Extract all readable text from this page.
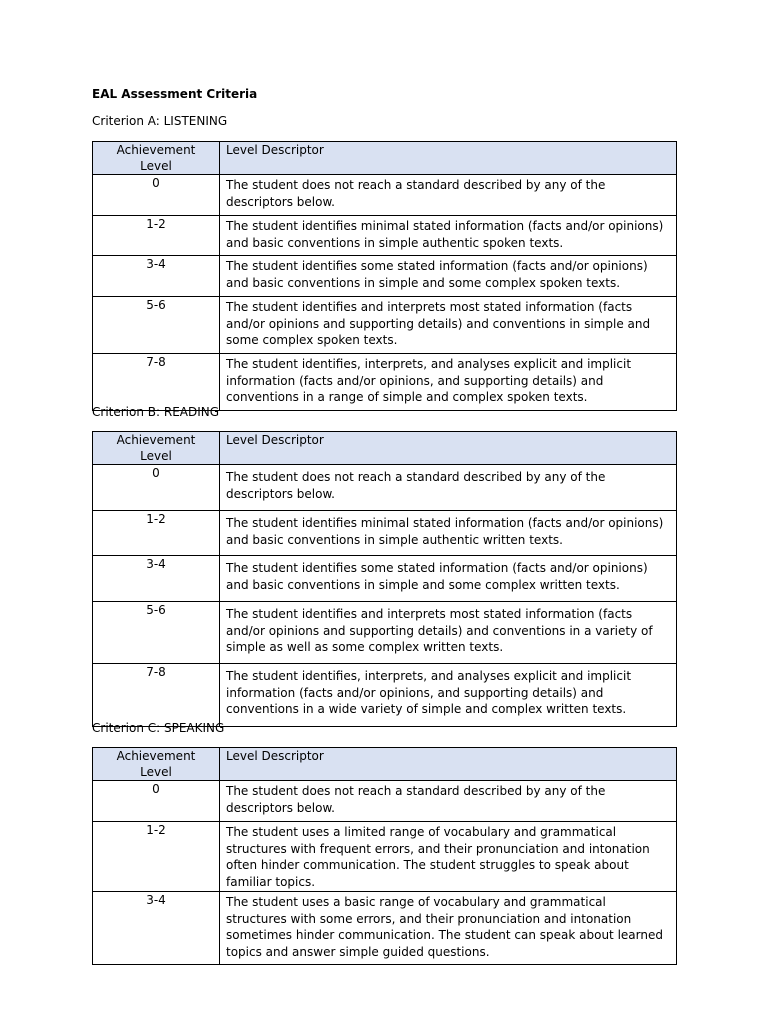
EAL Assessment Criteria
Criterion A: LISTENING
Achievement Level	Level Descriptor
0	The student does not reach a standard described by any of the descriptors below.
1-2	The student identifies minimal stated information (facts and/or opinions) and basic conventions in simple authentic spoken texts.
3-4	The student identifies some stated information (facts and/or opinions) and basic conventions in simple and some complex spoken texts.
5-6	The student identifies and interprets most stated information (facts and/or opinions and supporting details) and conventions in simple and some complex spoken texts.
7-8	The student identifies, interprets, and analyses explicit and implicit information (facts and/or opinions, and supporting details) and conventions in a range of simple and complex spoken texts.
Criterion B: READING
Achievement Level	Level Descriptor
0	The student does not reach a standard described by any of the descriptors below.
1-2	The student identifies minimal stated information (facts and/or opinions) and basic conventions in simple authentic written texts.
3-4	The student identifies some stated information (facts and/or opinions) and basic conventions in simple and some complex written texts.
5-6	The student identifies and interprets most stated information (facts and/or opinions and supporting details) and conventions in a variety of simple as well as some complex written texts.
7-8	The student identifies, interprets, and analyses explicit and implicit information (facts and/or opinions, and supporting details) and conventions in a wide variety of simple and complex written texts.
Criterion C: SPEAKING
Achievement Level	Level Descriptor
0	The student does not reach a standard described by any of the descriptors below.
1-2	The student uses a limited range of vocabulary and grammatical structures with frequent errors, and their pronunciation and intonation often hinder communication. The student struggles to speak about familiar topics.
3-4	The student uses a basic range of vocabulary and grammatical structures with some errors, and their pronunciation and intonation sometimes hinder communication. The student can speak about learned topics and answer simple guided questions.
